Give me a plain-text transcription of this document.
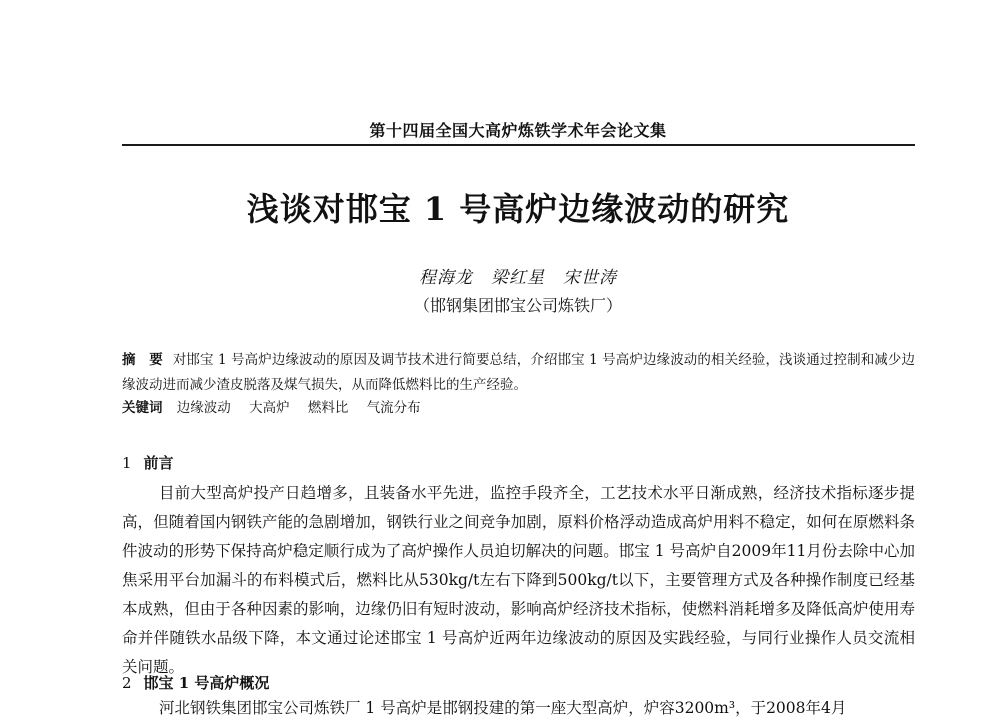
第十四届全国大高炉炼铁学术年会论文集
浅谈对邯宝 1 号高炉边缘波动的研究
程海龙　梁红星　宋世涛
（邯钢集团邯宝公司炼铁厂）
摘　要 对邯宝 1 号高炉边缘波动的原因及调节技术进行简要总结，介绍邯宝 1 号高炉边缘波动的相关经验，浅谈通过控制和减少边缘波动进而减少渣皮脱落及煤气损失，从而降低燃料比的生产经验。
关键词 边缘波动 大高炉 燃料比 气流分布
1 前言
目前大型高炉投产日趋增多，且装备水平先进，监控手段齐全，工艺技术水平日渐成熟，经济技术指标逐步提高，但随着国内钢铁产能的急剧增加，钢铁行业之间竞争加剧，原料价格浮动造成高炉用料不稳定，如何在原燃料条件波动的形势下保持高炉稳定顺行成为了高炉操作人员迫切解决的问题。邯宝 1 号高炉自2009年11月份去除中心加焦采用平台加漏斗的布料模式后，燃料比从530kg/t左右下降到500kg/t以下，主要管理方式及各种操作制度已经基本成熟，但由于各种因素的影响，边缘仍旧有短时波动，影响高炉经济技术指标，使燃料消耗增多及降低高炉使用寿命并伴随铁水品级下降，本文通过论述邯宝 1 号高炉近两年边缘波动的原因及实践经验，与同行业操作人员交流相关问题。
2 邯宝 1 号高炉概况
河北钢铁集团邯宝公司炼铁厂 1 号高炉是邯钢投建的第一座大型高炉，炉容3200m³，于2008年4月
